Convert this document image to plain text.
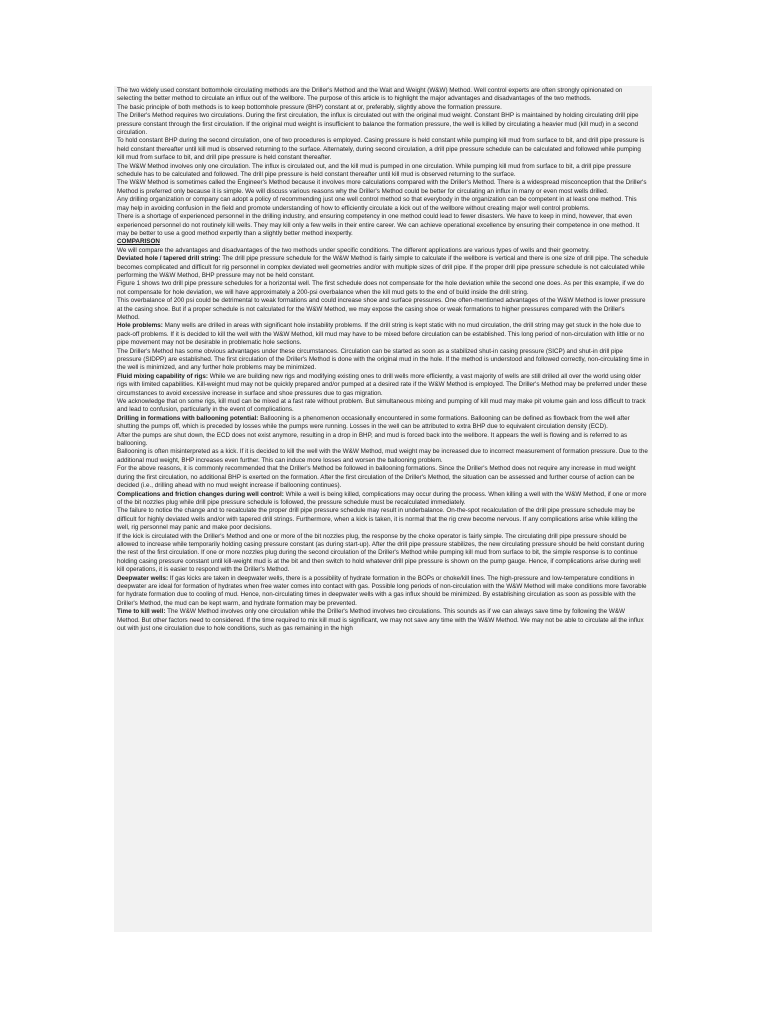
The two widely used constant bottomhole circulating methods are the Driller's Method and the Wait and Weight (W&W) Method. Well control experts are often strongly opinionated on selecting the better method to circulate an influx out of the wellbore. The purpose of this article is to highlight the major advantages and disadvantages of the two methods.

The basic principle of both methods is to keep bottomhole pressure (BHP) constant at or, preferably, slightly above the formation pressure.

The Driller's Method requires two circulations. During the first circulation, the influx is circulated out with the original mud weight. Constant BHP is maintained by holding circulating drill pipe pressure constant through the first circulation. If the original mud weight is insufficient to balance the formation pressure, the well is killed by circulating a heavier mud (kill mud) in a second circulation.

To hold constant BHP during the second circulation, one of two procedures is employed. Casing pressure is held constant while pumping kill mud from surface to bit, and drill pipe pressure is held constant thereafter until kill mud is observed returning to the surface. Alternately, during second circulation, a drill pipe pressure schedule can be calculated and followed while pumping kill mud from surface to bit, and drill pipe pressure is held constant thereafter.

The W&W Method involves only one circulation. The influx is circulated out, and the kill mud is pumped in one circulation. While pumping kill mud from surface to bit, a drill pipe pressure schedule has to be calculated and followed. The drill pipe pressure is held constant thereafter until kill mud is observed returning to the surface.

The W&W Method is sometimes called the Engineer's Method because it involves more calculations compared with the Driller's Method. There is a widespread misconception that the Driller's Method is preferred only because it is simple. We will discuss various reasons why the Driller's Method could be better for circulating an influx in many or even most wells drilled.

Any drilling organization or company can adopt a policy of recommending just one well control method so that everybody in the organization can be competent in at least one method. This may help in avoiding confusion in the field and promote understanding of how to efficiently circulate a kick out of the wellbore without creating major well control problems.

There is a shortage of experienced personnel in the drilling industry, and ensuring competency in one method could lead to fewer disasters. We have to keep in mind, however, that even experienced personnel do not routinely kill wells. They may kill only a few wells in their entire career. We can achieve operational excellence by ensuring their competence in one method. It may be better to use a good method expertly than a slightly better method inexpertly.

COMPARISON

We will compare the advantages and disadvantages of the two methods under specific conditions. The different applications are various types of wells and their geometry.

Deviated hole / tapered drill string: The drill pipe pressure schedule for the W&W Method is fairly simple to calculate if the wellbore is vertical and there is one size of drill pipe. The schedule becomes complicated and difficult for rig personnel in complex deviated well geometries and/or with multiple sizes of drill pipe. If the proper drill pipe pressure schedule is not calculated while performing the W&W Method, BHP pressure may not be held constant.

Figure 1 shows two drill pipe pressure schedules for a horizontal well. The first schedule does not compensate for the hole deviation while the second one does. As per this example, if we do not compensate for hole deviation, we will have approximately a 200-psi overbalance when the kill mud gets to the end of build inside the drill string.

This overbalance of 200 psi could be detrimental to weak formations and could increase shoe and surface pressures. One often-mentioned advantages of the W&W Method is lower pressure at the casing shoe. But if a proper schedule is not calculated for the W&W Method, we may expose the casing shoe or weak formations to higher pressures compared with the Driller's Method.

Hole problems: Many wells are drilled in areas with significant hole instability problems. If the drill string is kept static with no mud circulation, the drill string may get stuck in the hole due to pack-off problems. If it is decided to kill the well with the W&W Method, kill mud may have to be mixed before circulation can be established. This long period of non-circulation with little or no pipe movement may not be desirable in problematic hole sections.

The Driller's Method has some obvious advantages under these circumstances. Circulation can be started as soon as a stabilized shut-in casing pressure (SICP) and shut-in drill pipe pressure (SIDPP) are established. The first circulation of the Driller's Method is done with the original mud in the hole. If the method is understood and followed correctly, non-circulating time in the well is minimized, and any further hole problems may be minimized.

Fluid mixing capability of rigs: While we are building new rigs and modifying existing ones to drill wells more efficiently, a vast majority of wells are still drilled all over the world using older rigs with limited capabilities. Kill-weight mud may not be quickly prepared and/or pumped at a desired rate if the W&W Method is employed. The Driller's Method may be preferred under these circumstances to avoid excessive increase in surface and shoe pressures due to gas migration.

We acknowledge that on some rigs, kill mud can be mixed at a fast rate without problem. But simultaneous mixing and pumping of kill mud may make pit volume gain and loss difficult to track and lead to confusion, particularly in the event of complications.

Drilling in formations with ballooning potential: Ballooning is a phenomenon occasionally encountered in some formations. Ballooning can be defined as flowback from the well after shutting the pumps off, which is preceded by losses while the pumps were running. Losses in the well can be attributed to extra BHP due to equivalent circulation density (ECD).

After the pumps are shut down, the ECD does not exist anymore, resulting in a drop in BHP, and mud is forced back into the wellbore. It appears the well is flowing and is referred to as ballooning.

Ballooning is often misinterpreted as a kick. If it is decided to kill the well with the W&W Method, mud weight may be increased due to incorrect measurement of formation pressure. Due to the additional mud weight, BHP increases even further. This can induce more losses and worsen the ballooning problem.

For the above reasons, it is commonly recommended that the Driller's Method be followed in ballooning formations. Since the Driller's Method does not require any increase in mud weight during the first circulation, no additional BHP is exerted on the formation. After the first circulation of the Driller's Method, the situation can be assessed and further course of action can be decided (i.e., drilling ahead with no mud weight increase if ballooning continues).

Complications and friction changes during well control: While a well is being killed, complications may occur during the process. When killing a well with the W&W Method, if one or more of the bit nozzles plug while drill pipe pressure schedule is followed, the pressure schedule must be recalculated immediately.

The failure to notice the change and to recalculate the proper drill pipe pressure schedule may result in underbalance. On-the-spot recalculation of the drill pipe pressure schedule may be difficult for highly deviated wells and/or with tapered drill strings. Furthermore, when a kick is taken, it is normal that the rig crew become nervous. If any complications arise while killing the well, rig personnel may panic and make poor decisions.

If the kick is circulated with the Driller's Method and one or more of the bit nozzles plug, the response by the choke operator is fairly simple. The circulating drill pipe pressure should be allowed to increase while temporarily holding casing pressure constant (as during start-up). After the drill pipe pressure stabilizes, the new circulating pressure should be held constant during the rest of the first circulation. If one or more nozzles plug during the second circulation of the Driller's Method while pumping kill mud from surface to bit, the simple response is to continue holding casing pressure constant until kill-weight mud is at the bit and then switch to hold whatever drill pipe pressure is shown on the pump gauge. Hence, if complications arise during well kill operations, it is easier to respond with the Driller's Method.

Deepwater wells: If gas kicks are taken in deepwater wells, there is a possibility of hydrate formation in the BOPs or choke/kill lines. The high-pressure and low-temperature conditions in deepwater are ideal for formation of hydrates when free water comes into contact with gas. Possible long periods of non-circulation with the W&W Method will make conditions more favorable for hydrate formation due to cooling of mud. Hence, non-circulating times in deepwater wells with a gas influx should be minimized. By establishing circulation as soon as possible with the Driller's Method, the mud can be kept warm, and hydrate formation may be prevented.

Time to kill well: The W&W Method involves only one circulation while the Driller's Method involves two circulations. This sounds as if we can always save time by following the W&W Method. But other factors need to considered. If the time required to mix kill mud is significant, we may not save any time with the W&W Method. We may not be able to circulate all the influx out with just one circulation due to hole conditions, such as gas remaining in the high
